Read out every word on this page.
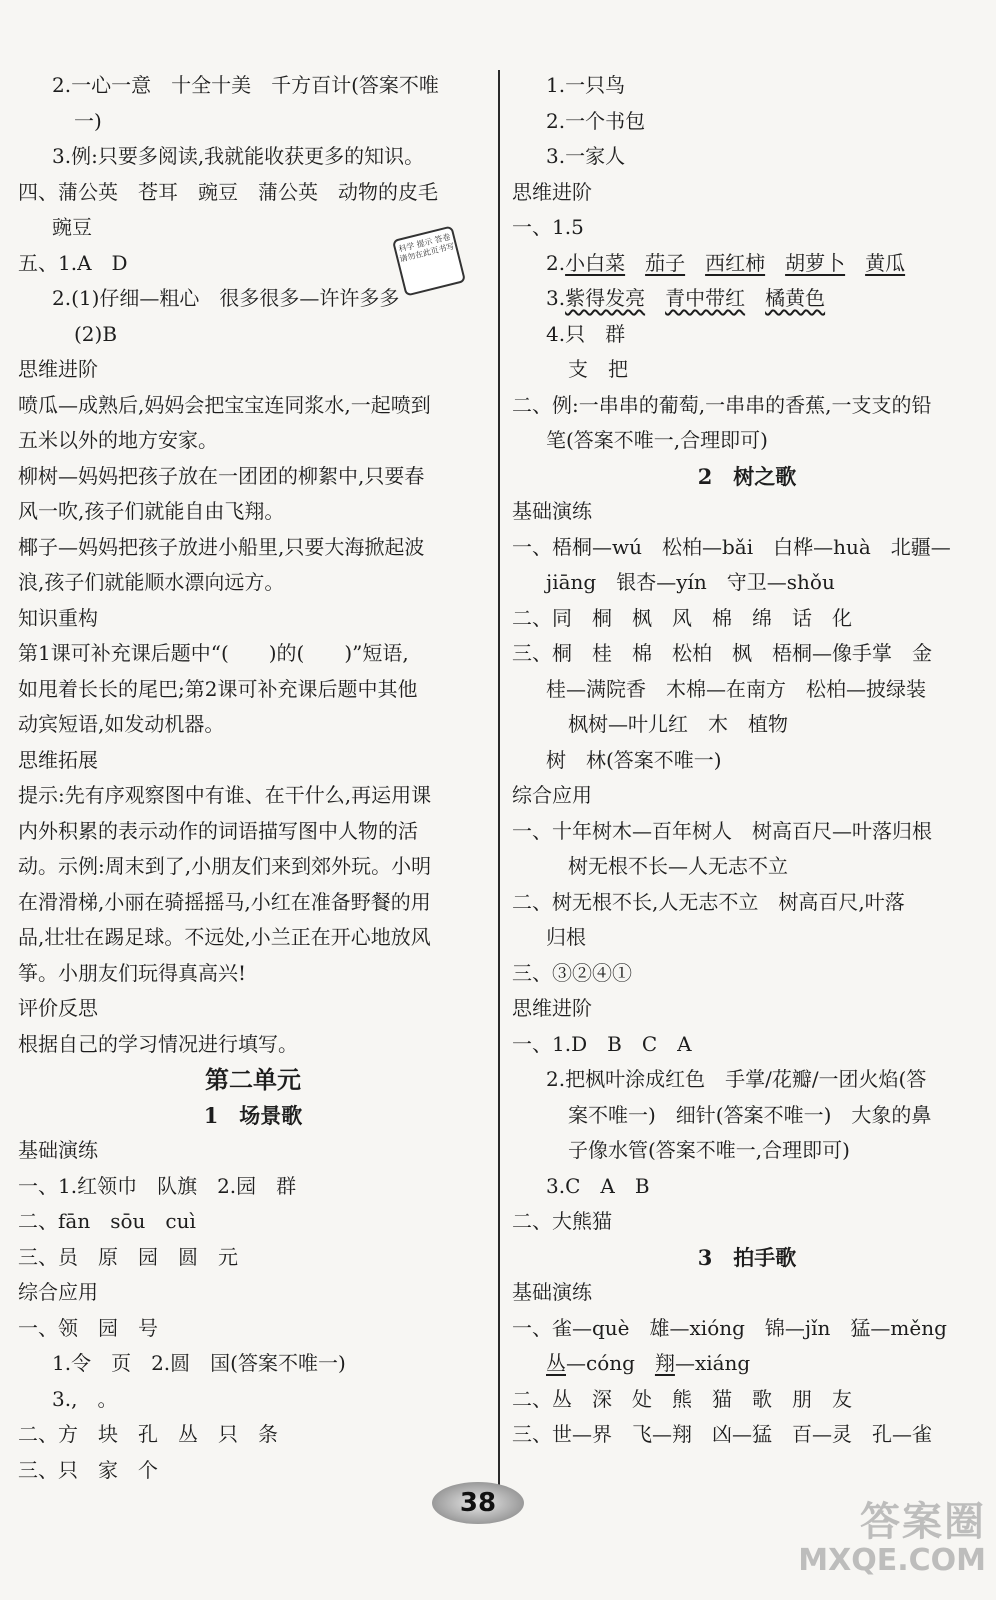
2.一心一意　十全十美　千方百计(答案不唯
一)
3.例:只要多阅读,我就能收获更多的知识。
四、蒲公英　苍耳　豌豆　蒲公英　动物的皮毛
豌豆
五、1.A　D
2.(1)仔细—粗心　很多很多—许许多多
(2)B
思维进阶
喷瓜—成熟后,妈妈会把宝宝连同浆水,一起喷到
五米以外的地方安家。
柳树—妈妈把孩子放在一团团的柳絮中,只要春
风一吹,孩子们就能自由飞翔。
椰子—妈妈把孩子放进小船里,只要大海掀起波
浪,孩子们就能顺水漂向远方。
知识重构
第1课可补充课后题中“(　　)的(　　)”短语,
如甩着长长的尾巴;第2课可补充课后题中其他
动宾短语,如发动机器。
思维拓展
提示:先有序观察图中有谁、在干什么,再运用课
内外积累的表示动作的词语描写图中人物的活
动。示例:周末到了,小朋友们来到郊外玩。小明
在滑滑梯,小丽在骑摇摇马,小红在准备野餐的用
品,壮壮在踢足球。不远处,小兰正在开心地放风
筝。小朋友们玩得真高兴!
评价反思
根据自己的学习情况进行填写。
第二单元
1　场景歌
基础演练
一、1.红领巾　队旗　2.园　群
二、fān　sōu　cuì
三、员　原　园　圆　元
综合应用
一、领　园　号
1.令　页　2.圆　国(答案不唯一)
3.,　。
二、方　块　孔　丛　只　条
三、只　家　个
1.一只鸟
2.一个书包
3.一家人
思维进阶
一、1.5
2.小白菜　 茄子　 西红柿　 胡萝卜　 黄瓜
3.紫得发亮　 青中带红　 橘黄色
4.只　群
支　把
二、例:一串串的葡萄,一串串的香蕉,一支支的铅
笔(答案不唯一,合理即可)
2　树之歌
基础演练
一、梧桐—wú　松柏—bǎi　白桦—huà　北疆—
jiāng　银杏—yín　守卫—shǒu
二、同　桐　枫　风　棉　绵　话　化
三、桐　桂　棉　松柏　枫　梧桐—像手掌　金
桂—满院香　木棉—在南方　松柏—披绿装
枫树—叶儿红　木　植物
树　林(答案不唯一)
综合应用
一、十年树木—百年树人　树高百尺—叶落归根
树无根不长—人无志不立
二、树无根不长,人无志不立　树高百尺,叶落
归根
三、③②④①
思维进阶
一、1.D　B　C　A
2.把枫叶涂成红色　手掌/花瓣/一团火焰(答
案不唯一)　细针(答案不唯一)　大象的鼻
子像水管(答案不唯一,合理即可)
3.C　A　B
二、大熊猫
3　拍手歌
基础演练
一、雀—què　雄—xióng　锦—jǐn　猛—měng
丛—cóng　翔—xiáng
二、丛　深　处　熊　猫　歌　朋　友
三、世—界　飞—翔　凶—猛　百—灵　孔—雀
科学 提示 答卷请勿在此页书写
38	答案圈
MXQE.COM
